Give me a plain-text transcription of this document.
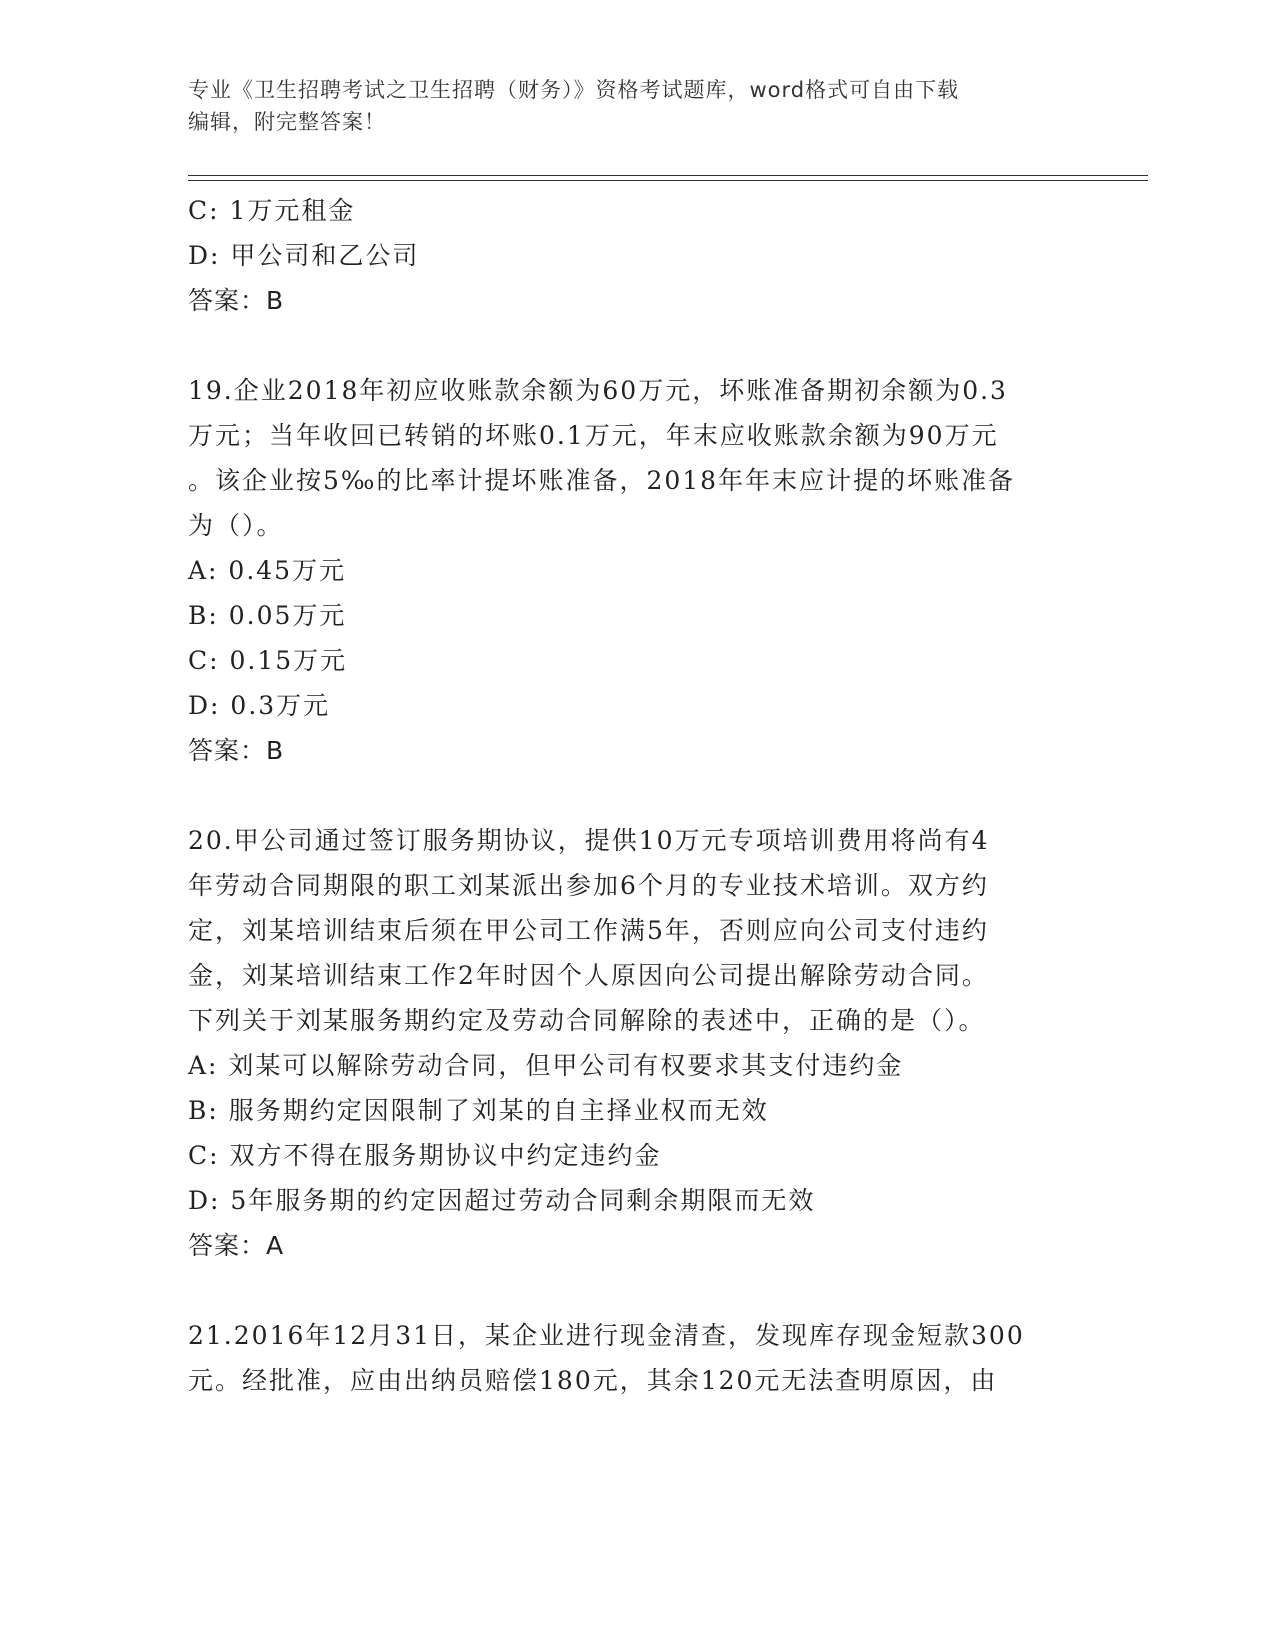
专业《卫生招聘考试之卫生招聘（财务）》资格考试题库，word格式可自由下载
编辑，附完整答案！
C: 1万元租金
D: 甲公司和乙公司
答案：B
19.企业2018年初应收账款余额为60万元，坏账准备期初余额为0.3
万元；当年收回已转销的坏账0.1万元，年末应收账款余额为90万元
。该企业按5‰的比率计提坏账准备，2018年年末应计提的坏账准备
为（）。
A: 0.45万元
B: 0.05万元
C: 0.15万元
D: 0.3万元
答案：B
20.甲公司通过签订服务期协议，提供10万元专项培训费用将尚有4
年劳动合同期限的职工刘某派出参加6个月的专业技术培训。双方约
定，刘某培训结束后须在甲公司工作满5年，否则应向公司支付违约
金，刘某培训结束工作2年时因个人原因向公司提出解除劳动合同。
下列关于刘某服务期约定及劳动合同解除的表述中，正确的是（）。
A: 刘某可以解除劳动合同，但甲公司有权要求其支付违约金
B: 服务期约定因限制了刘某的自主择业权而无效
C: 双方不得在服务期协议中约定违约金
D: 5年服务期的约定因超过劳动合同剩余期限而无效
答案：A
21.2016年12月31日，某企业进行现金清查，发现库存现金短款300
元。经批准，应由出纳员赔偿180元，其余120元无法查明原因，由
